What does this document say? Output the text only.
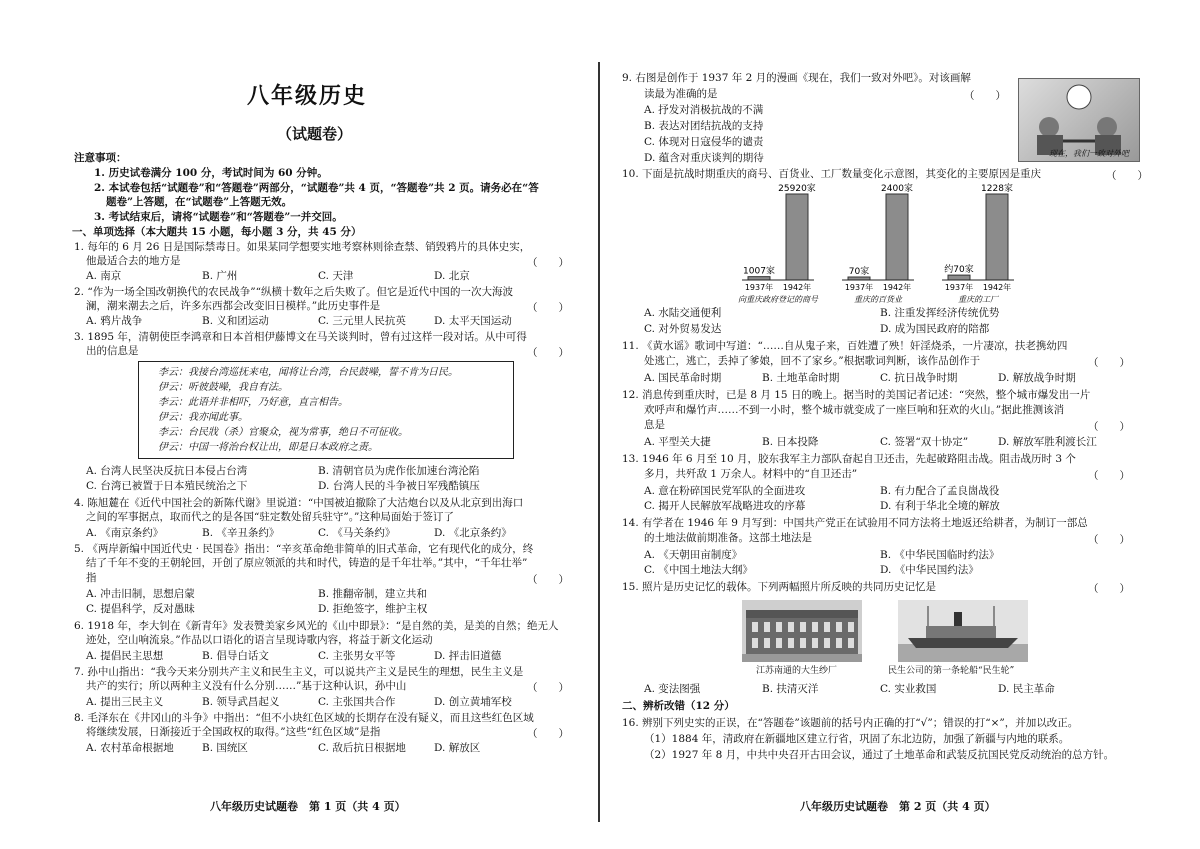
八年级历史
（试题卷）
注意事项：
1. 历史试卷满分 100 分，考试时间为 60 分钟。
2. 本试卷包括“试题卷”和“答题卷”两部分，“试题卷”共 4 页，“答题卷”共 2 页。请务必在“答
题卷”上答题，在“试题卷”上答题无效。
3. 考试结束后，请将“试题卷”和“答题卷”一并交回。
一、单项选择（本大题共 15 小题，每小题 3 分，共 45 分）
1. 每年的 6 月 26 日是国际禁毒日。如果某同学想要实地考察林则徐查禁、销毁鸦片的具体史实，
他最适合去的地方是	（　　）
A. 南京	B. 广州	C. 天津	D. 北京
2. “作为一场全国改朝换代的农民战争”“纵横十数年之后失败了。但它是近代中国的一次大海波
澜，潮来潮去之后，许多东西都会改变旧日模样。”此历史事件是	（　　）
A. 鸦片战争	B. 义和团运动	C. 三元里人民抗英	D. 太平天国运动
3. 1895 年，清朝使臣李鸿章和日本首相伊藤博文在马关谈判时，曾有过这样一段对话。从中可得
出的信息是	（　　）
李云：我接台湾巡抚来电，闻将让台湾，台民鼓噪，誓不肯为日民。
伊云：听彼鼓噪，我自有法。
李云：此语并非相吓，乃好意，直言相告。
伊云：我亦闻此事。
李云：台民戕（杀）官聚众，视为常事，绝日不可征收。
伊云：中国一将治台权让出，即是日本政府之责。
A. 台湾人民坚决反抗日本侵占台湾	B. 清朝官员为虎作伥加速台湾沦陷
C. 台湾已被置于日本殖民统治之下	D. 台湾人民的斗争被日军残酷镇压
4. 陈旭麓在《近代中国社会的新陈代谢》里说道：“中国被迫撤除了大沽炮台以及从北京到出海口
之间的军事据点，取而代之的是各国“驻定数处留兵驻守”。”这种局面始于签订了
A. 《南京条约》	B. 《辛丑条约》	C. 《马关条约》	D. 《北京条约》
5. 《两岸新编中国近代史 · 民国卷》指出：“辛亥革命绝非简单的旧式革命，它有现代化的成分，终
结了千年不变的王朝轮回，开创了原应领派的共和时代，铸造的是千年壮举。”其中，“千年壮举”
指	（　　）
A. 冲击旧制，思想启蒙	B. 推翻帝制，建立共和
C. 提倡科学，反对愚昧	D. 拒绝签字，维护主权
6. 1918 年，李大钊在《新青年》发表赞美家乡风光的《山中即景》：“是自然的美，是美的自然；绝无人
迹处，空山响流泉。”作品以口语化的语言呈现诗歌内容，将益于新文化运动
A. 提倡民主思想	B. 倡导白话文	C. 主张男女平等	D. 抨击旧道德
7. 孙中山指出：“我今天来分别共产主义和民生主义，可以说共产主义是民生的理想，民生主义是
共产的实行；所以两种主义没有什么分别……”基于这种认识，孙中山	（　　）
A. 提出三民主义	B. 领导武昌起义	C. 主张国共合作	D. 创立黄埔军校
8. 毛泽东在《井冈山的斗争》中指出：“但不小块红色区域的长期存在没有疑义，而且这些红色区域
将继续发展，日渐接近于全国政权的取得。”这些“红色区域”是指	（　　）
A. 农村革命根据地	B. 国统区	C. 敌后抗日根据地	D. 解放区
八年级历史试题卷　第 1 页（共 4 页）
9. 右图是创作于 1937 年 2 月的漫画《现在，我们一致对外吧》。对该画解
读最为准确的是	（　　）
A. 抒发对消极抗战的不满
B. 表达对团结抗战的支持
C. 体现对日寇侵华的谴责
D. 蕴含对重庆谈判的期待	现在，我们一致对外吧
10. 下面是抗战时期重庆的商号、百货业、工厂数量变化示意图，其变化的主要原因是重庆	（　　）
1007家
1937年
25920家
1942年
向重庆政府登记的商号
70家
1937年
2400家
1942年
重庆的百货业
约70家
1937年
1228家
1942年
重庆的工厂
A. 水陆交通便利	B. 注重发挥经济传统优势
C. 对外贸易发达	D. 成为国民政府的陪都
11. 《黄水谣》歌词中写道：“……自从鬼子来，百姓遭了殃！奸淫烧杀，一片凄凉，扶老携幼四
处逃亡，逃亡，丢掉了爹娘，回不了家乡。”根据歌词判断，该作品创作于	（　　）
A. 国民革命时期	B. 土地革命时期	C. 抗日战争时期	D. 解放战争时期
12. 消息传到重庆时，已是 8 月 15 日的晚上。据当时的美国记者记述：“突然，整个城市爆发出一片
欢呼声和爆竹声……不到一小时，整个城市就变成了一座巨响和狂欢的火山。”据此推测该消
息是	（　　）
A. 平型关大捷	B. 日本投降	C. 签署“双十协定”	D. 解放军胜利渡长江
13. 1946 年 6 月至 10 月，胶东我军主力部队奋起自卫还击，先起破路阻击战。阻击战历时 3 个
多月，共歼敌 1 万余人。材料中的“自卫还击”	（　　）
A. 意在粉碎国民党军队的全面进攻	B. 有力配合了孟良崮战役
C. 揭开人民解放军战略进攻的序幕	D. 有利于华北全境的解放
14. 有学者在 1946 年 9 月写到：中国共产党正在试验用不同方法将土地返还给耕者，为制订一部总
的土地法做前期准备。这部土地法是	（　　）
A. 《天朝田亩制度》	B. 《中华民国临时约法》
C. 《中国土地法大纲》	D. 《中华民国约法》
15. 照片是历史记忆的载体。下列两幅照片所反映的共同历史记忆是	（　　）
江苏南通的大生纱厂	民生公司的第一条轮船“民生轮”
A. 变法图强	B. 扶清灭洋	C. 实业救国	D. 民主革命
二、辨析改错（12 分）
16. 辨别下列史实的正误，在“答题卷”该题前的括号内正确的打“√”；错误的打“×”，并加以改正。
（1）1884 年，清政府在新疆地区建立行省，巩固了东北边防，加强了新疆与内地的联系。
（2）1927 年 8 月，中共中央召开古田会议，通过了土地革命和武装反抗国民党反动统治的总方针。
八年级历史试题卷　第 2 页（共 4 页）
